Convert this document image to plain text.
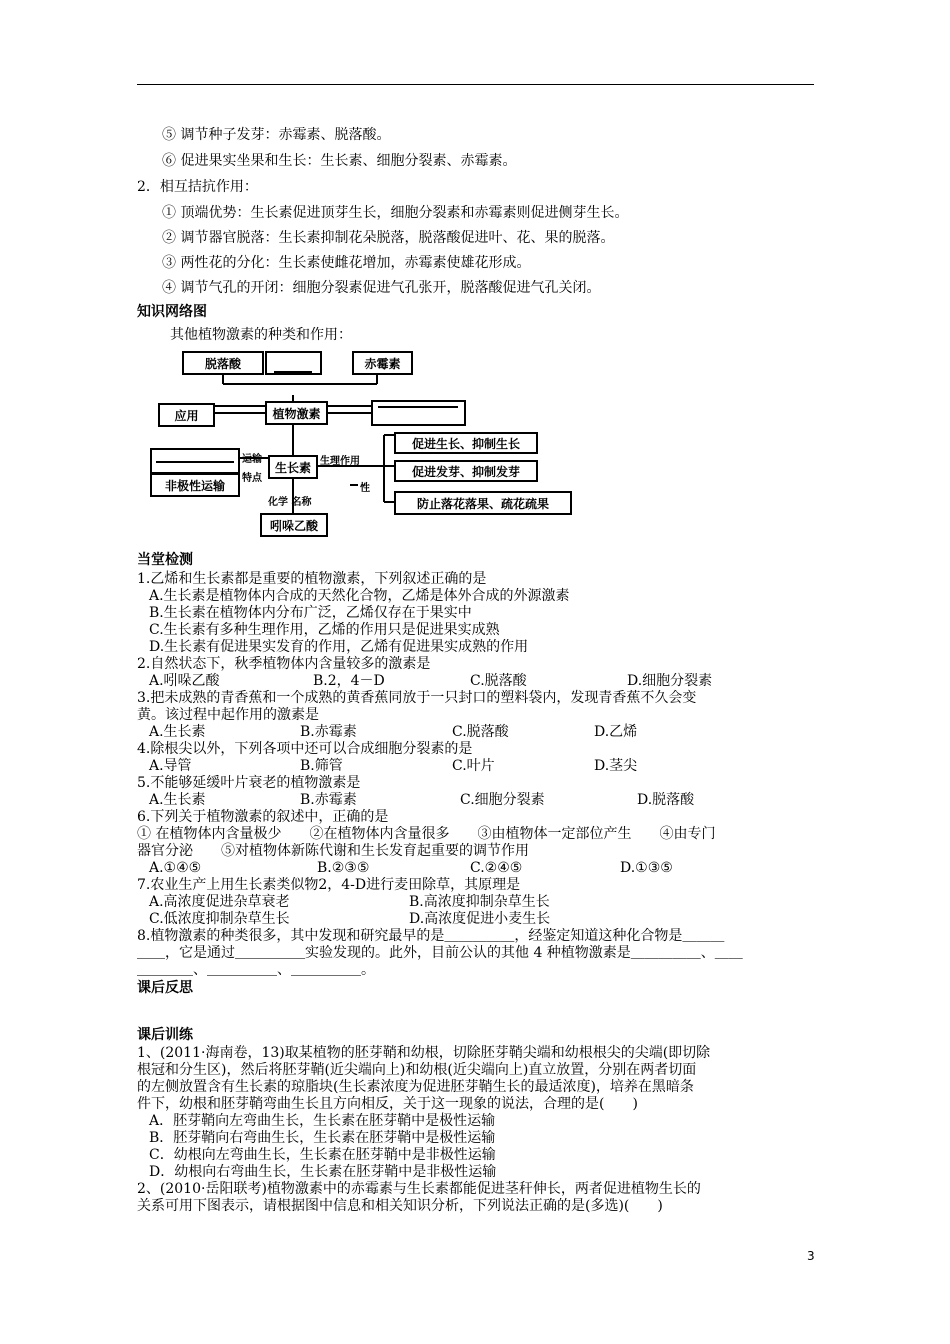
⑤ 调节种子发芽：赤霉素、脱落酸。
⑥ 促进果实坐果和生长：生长素、细胞分裂素、赤霉素。
2．相互拮抗作用：
① 顶端优势：生长素促进顶芽生长，细胞分裂素和赤霉素则促进侧芽生长。
② 调节器官脱落：生长素抑制花朵脱落，脱落酸促进叶、花、果的脱落。
③ 两性花的分化：生长素使雌花增加，赤霉素使雄花形成。
④ 调节气孔的开闭：细胞分裂素促进气孔张开，脱落酸促进气孔关闭。
知识网络图
其他植物激素的种类和作用：
脱落酸	赤霉素
植物激素
应用
非极性运输
运输
特点
生长素 生理作用
性
化学 名称
吲哚乙酸
促进生长、抑制生长
促进发芽、抑制发芽
防止落花落果、疏花疏果
当堂检测
1.乙烯和生长素都是重要的植物激素，下列叙述正确的是
A.生长素是植物体内合成的天然化合物，乙烯是体外合成的外源激素
B.生长素在植物体内分布广泛，乙烯仅存在于果实中
C.生长素有多种生理作用，乙烯的作用只是促进果实成熟
D.生长素有促进果实发育的作用，乙烯有促进果实成熟的作用
2.自然状态下，秋季植物体内含量较多的激素是
A.吲哚乙酸	B.2，4－D	C.脱落酸	D.细胞分裂素
3.把未成熟的青香蕉和一个成熟的黄香蕉同放于一只封口的塑料袋内，发现青香蕉不久会变
黄。该过程中起作用的激素是
A.生长素	B.赤霉素	C.脱落酸	D.乙烯
4.除根尖以外，下列各项中还可以合成细胞分裂素的是
A.导管	B.筛管	C.叶片	D.茎尖
5.不能够延缓叶片衰老的植物激素是
A.生长素	B.赤霉素	C.细胞分裂素	D.脱落酸
6.下列关于植物激素的叙述中，正确的是
① 在植物体内含量极少　　②在植物体内含量很多　　③由植物体一定部位产生　　④由专门
器官分泌　　⑤对植物体新陈代谢和生长发育起重要的调节作用
A.①④⑤	B.②③⑤	C.②④⑤	D.①③⑤
7.农业生产上用生长素类似物2，4-D进行麦田除草，其原理是
A.高浓度促进杂草衰老	B.高浓度抑制杂草生长
C.低浓度抑制杂草生长	D.高浓度促进小麦生长
8.植物激素的种类很多，其中发现和研究最早的是＿＿＿＿＿，经鉴定知道这种化合物是＿＿＿
＿＿，它是通过＿＿＿＿＿实验发现的。此外，目前公认的其他 4 种植物激素是＿＿＿＿＿、＿＿
＿＿＿＿、＿＿＿＿＿、＿＿＿＿＿。
课后反思
课后训练
1、(2011·海南卷，13)取某植物的胚芽鞘和幼根，切除胚芽鞘尖端和幼根根尖的尖端(即切除
根冠和分生区)，然后将胚芽鞘(近尖端向上)和幼根(近尖端向上)直立放置，分别在两者切面
的左侧放置含有生长素的琼脂块(生长素浓度为促进胚芽鞘生长的最适浓度)，培养在黑暗条
件下，幼根和胚芽鞘弯曲生长且方向相反，关于这一现象的说法，合理的是(　　)
A．胚芽鞘向左弯曲生长，生长素在胚芽鞘中是极性运输
B．胚芽鞘向右弯曲生长，生长素在胚芽鞘中是极性运输
C．幼根向左弯曲生长，生长素在胚芽鞘中是非极性运输
D．幼根向右弯曲生长，生长素在胚芽鞘中是非极性运输
2、(2010·岳阳联考)植物激素中的赤霉素与生长素都能促进茎秆伸长，两者促进植物生长的
关系可用下图表示，请根据图中信息和相关知识分析，下列说法正确的是(多选)(　　)
3
